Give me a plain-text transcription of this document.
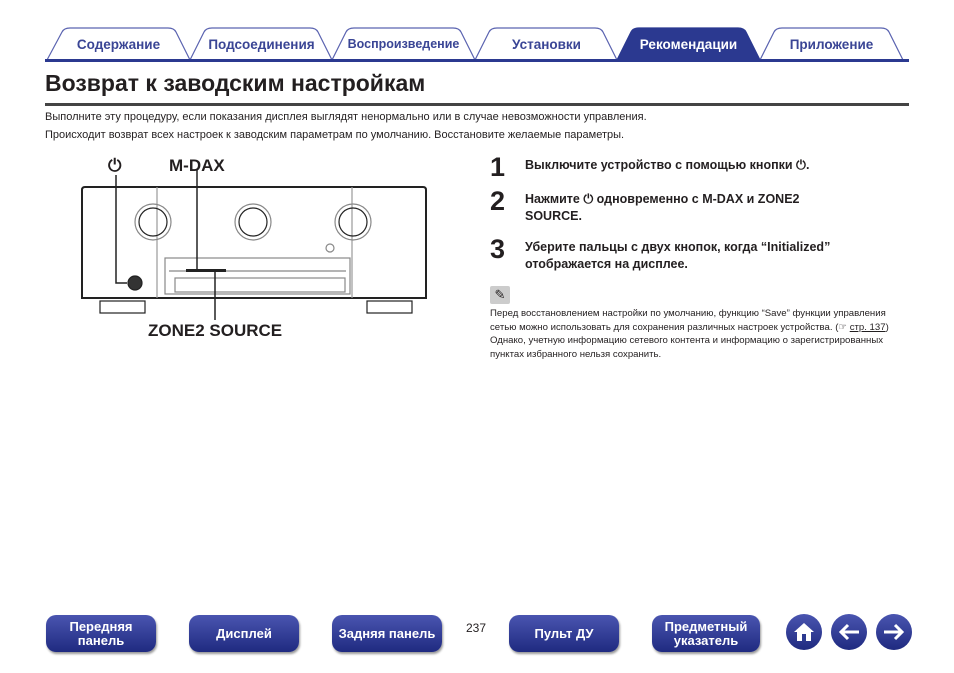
Содержание	Подсоединения	Воспроизведение	Установки	Рекомендации	Приложение
Возврат к заводским настройкам
Выполните эту процедуру, если показания дисплея выглядят ненормально или в случае невозможности управления.
Происходит возврат всех настроек к заводским параметрам по умолчанию. Восстановите желаемые параметры.
⏻	M-DAX
ZONE2 SOURCE
1 Выключите устройство с помощью кнопки ⏻.
2 Нажмите ⏻ одновременно с M-DAX и ZONE2 SOURCE.
3 Уберите пальцы с двух кнопок, когда “Initialized” отображается на дисплее.
✎
Перед восстановлением настройки по умолчанию, функцию “Save” функции управления сетью можно использовать для сохранения различных настроек устройства. (☞ стр. 137)
Однако, учетную информацию сетевого контента и информацию о зарегистрированных пунктах избранного нельзя сохранить.
Передняя панель	Дисплей	Задняя панель	237	Пульт ДУ	Предметный указатель
